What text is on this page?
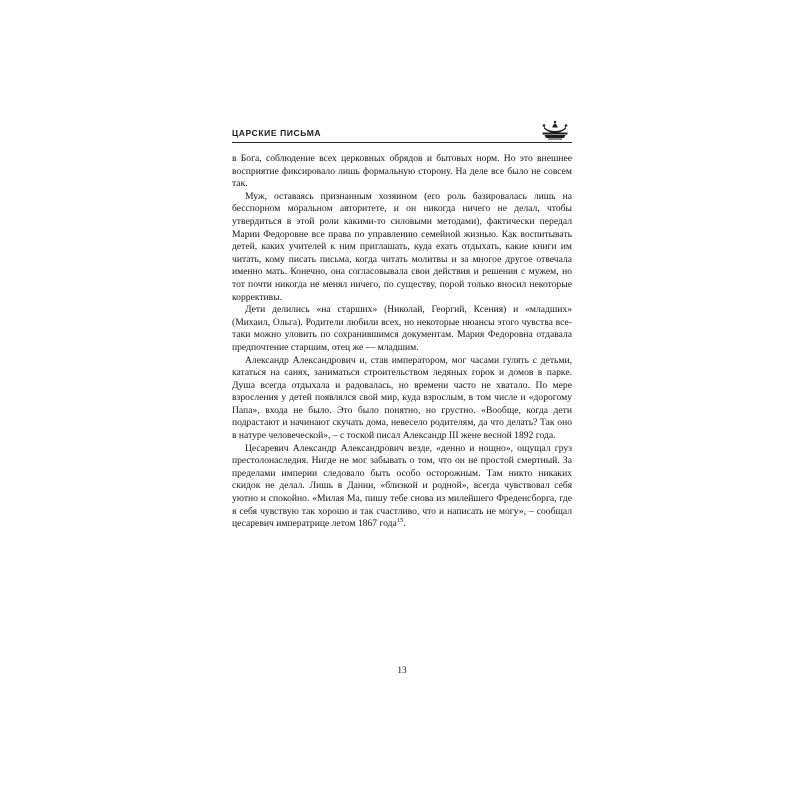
ЦАРСКИЕ ПИСЬМА

в Бога, соблюдение всех церковных обрядов и бытовых норм. Но это внешнее восприятие фиксировало лишь формальную сторону. На деле все было не совсем так.

Муж, оставаясь признанным хозяином (его роль базировалась лишь на бесспорном моральном авторитете, и он никогда ничего не делал, чтобы утвердиться в этой роли какими-то силовыми методами), фактически передал Марии Федоровне все права по управлению семейной жизнью. Как воспитывать детей, каких учителей к ним приглашать, куда ехать отдыхать, какие книги им читать, кому писать письма, когда читать молитвы и за многое другое отвечала именно мать. Конечно, она согласовывала свои действия и решения с мужем, но тот почти никогда не менял ничего, по существу, порой только вносил некоторые коррективы.

Дети делились «на старших» (Николай, Георгий, Ксения) и «младших» (Михаил, Ольга). Родители любили всех, но некоторые нюансы этого чувства все-таки можно уловить по сохранившимся документам. Мария Федоровна отдавала предпочтение старшим, отец же — младшим.

Александр Александрович и, став императором, мог часами гулять с детьми, кататься на санях, заниматься строительством ледяных горок и домов в парке. Душа всегда отдыхала и радовалась, но времени часто не хватало. По мере взросления у детей появлялся свой мир, куда взрослым, в том числе и «дорогому Папа», входа не было. Это было понятно, но грустно. «Вообще, когда дети подрастают и начинают скучать дома, невесело родителям, да что делать? Так оно в натуре человеческой», – с тоской писал Александр III жене весной 1892 года.

Цесаревич Александр Александрович везде, «денно и нощно», ощущал груз престолонаследия. Нигде не мог забывать о том, что он не простой смертный. За пределами империи следовало быть особо осторожным. Там никто никаких скидок не делал. Лишь в Дании, «близкой и родной», всегда чувствовал себя уютно и спокойно. «Милая Ма, пишу тебе снова из милейшего Фреденсборга, где я себя чувствую так хорошо и так счастливо, что и написать не могу», – сообщал цесаревич императрице летом 1867 года$^{15}$.

13
